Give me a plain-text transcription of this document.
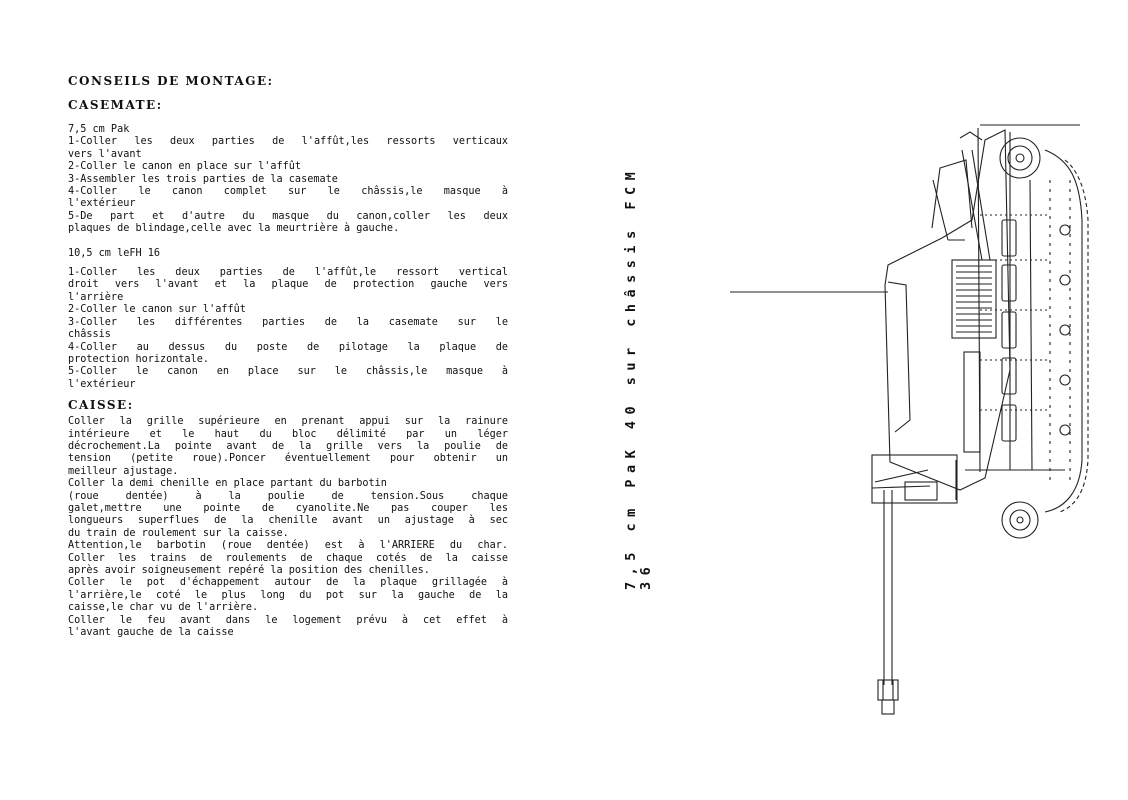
CONSEILS DE MONTAGE:

CASEMATE:

7,5 cm Pak
1-Coller les deux parties de l'affût,les ressorts verticaux
vers l'avant
2-Coller le canon en place sur l'affût
3-Assembler les trois parties de la casemate
4-Coller le canon complet sur le châssis,le masque à
l'extérieur
5-De part et d'autre du masque du canon,coller les deux
plaques de blindage,celle avec la meurtrière à gauche.
10,5 cm leFH 16
1-Coller les deux parties de l'affût,le ressort vertical
droit vers l'avant et la plaque de protection gauche vers
l'arrière
2-Coller le canon sur l'affût
3-Coller les différentes parties de la casemate sur le
châssis
4-Coller au dessus du poste de pilotage la plaque de
protection horizontale.
5-Coller le canon en place sur le châssis,le masque à
l'extérieur

CAISSE:

Coller la grille supérieure en prenant appui sur la rainure
intérieure et le haut du bloc délimité par un léger
décrochement.La pointe avant de la grille vers la poulie de
tension (petite roue).Poncer éventuellement pour obtenir un
meilleur ajustage.
Coller la demi chenille en place partant du barbotin
(roue dentée) à la poulie de tension.Sous chaque
galet,mettre une pointe de cyanolite.Ne pas couper les
longueurs superflues de la chenille avant un ajustage à sec
du train de roulement sur la caisse.
Attention,le barbotin (roue dentée) est à l'ARRIERE du char.
Coller les trains de roulements de chaque cotés de la caisse
après avoir soigneusement repéré la position des chenilles.
Coller le pot d'échappement autour de la plaque grillagée à
l'arrière,le coté le plus long du pot sur la gauche de la
caisse,le char vu de l'arrière.
Coller le feu avant dans le logement prévu à cet effet à
l'avant gauche de la caisse
7,5 cm PaK 40 sur châssis FCM 36
